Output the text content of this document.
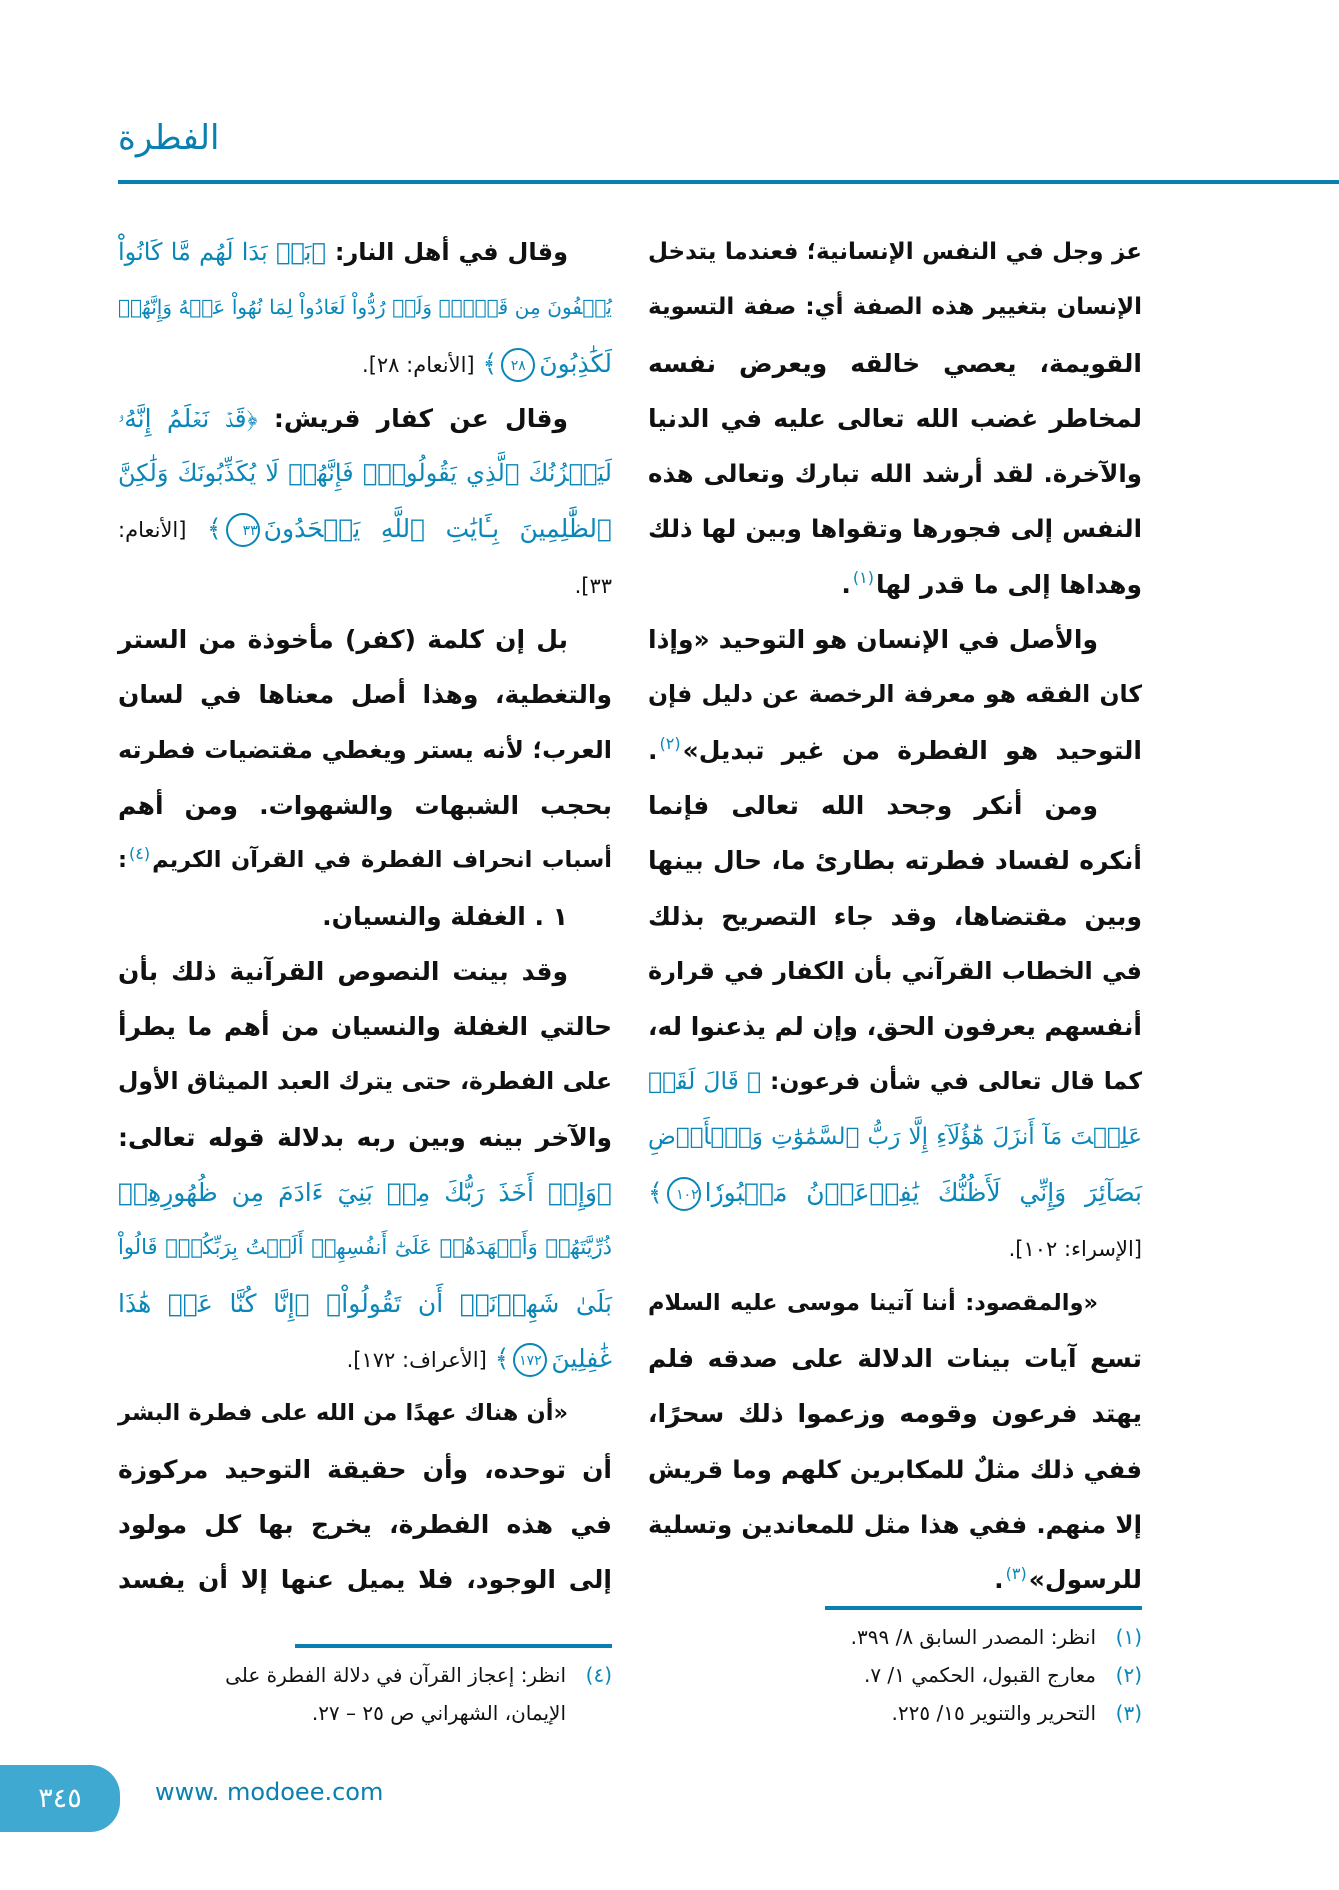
الفطرة
عز وجل في النفس الإنسانية؛ فعندما يتدخل
الإنسان بتغيير هذه الصفة أي: صفة التسوية
القويمة، يعصي خالقه ويعرض نفسه
لمخاطر غضب الله تعالى عليه في الدنيا
والآخرة. لقد أرشد الله تبارك وتعالى هذه
النفس إلى فجورها وتقواها وبين لها ذلك
وهداها إلى ما قدر لها$^{(١)}$.
والأصل في الإنسان هو التوحيد «وإذا
كان الفقه هو معرفة الرخصة عن دليل فإن
التوحيد هو الفطرة من غير تبديل»$^{(٢)}$.
ومن أنكر وجحد الله تعالى فإنما
أنكره لفساد فطرته بطارئ ما، حال بينها
وبين مقتضاها، وقد جاء التصريح بذلك
في الخطاب القرآني بأن الكفار في قرارة
أنفسهم يعرفون الحق، وإن لم يذعنوا له،
كما قال تعالى في شأن فرعون: ﴿ قَالَ لَقَدۡ
عَلِمۡتَ مَآ أَنزَلَ هَٰٓؤُلَآءِ إِلَّا رَبُّ ٱلسَّمَٰوَٰتِ وَٱلۡأَرۡضِ
بَصَآئِرَ وَإِنِّي لَأَظُنُّكَ يَٰفِرۡعَوۡنُ مَثۡبُورٗا١٠٢﴾
[الإسراء: ١٠٢].
«والمقصود: أننا آتينا موسى عليه السلام
تسع آيات بينات الدلالة على صدقه فلم
يهتد فرعون وقومه وزعموا ذلك سحرًا،
ففي ذلك مثلٌ للمكابرين كلهم وما قريش
إلا منهم. ففي هذا مثل للمعاندين وتسلية
للرسول»$^{(٣)}$.
وقال في أهل النار: ﴿بَلۡ بَدَا لَهُم مَّا كَانُواْ
يُخۡفُونَ مِن قَبۡلُۖ وَلَوۡ رُدُّواْ لَعَادُواْ لِمَا نُهُواْ عَنۡهُ وَإِنَّهُمۡ
لَكَٰذِبُونَ٢٨﴾ [الأنعام: ٢٨].
وقال عن كفار قريش: ﴿قَدۡ نَعۡلَمُ إِنَّهُۥ
لَيَحۡزُنُكَ ٱلَّذِي يَقُولُونَۖ فَإِنَّهُمۡ لَا يُكَذِّبُونَكَ وَلَٰكِنَّ
ٱلظَّٰلِمِينَ بِـَٔايَٰتِ ٱللَّهِ يَجۡحَدُونَ٣٣﴾ [الأنعام:
٣٣].
بل إن كلمة (كفر) مأخوذة من الستر
والتغطية، وهذا أصل معناها في لسان
العرب؛ لأنه يستر ويغطي مقتضيات فطرته
بحجب الشبهات والشهوات. ومن أهم
أسباب انحراف الفطرة في القرآن الكريم$^{(٤)}$:
١ . الغفلة والنسيان.
وقد بينت النصوص القرآنية ذلك بأن
حالتي الغفلة والنسيان من أهم ما يطرأ
على الفطرة، حتى يترك العبد الميثاق الأول
والآخر بينه وبين ربه بدلالة قوله تعالى:
﴿وَإِذۡ أَخَذَ رَبُّكَ مِنۢ بَنِيٓ ءَادَمَ مِن ظُهُورِهِمۡ
ذُرِّيَّتَهُمۡ وَأَشۡهَدَهُمۡ عَلَىٰٓ أَنفُسِهِمۡ أَلَسۡتُ بِرَبِّكُمۡۖ قَالُواْ
بَلَىٰ شَهِدۡنَآۚ أَن تَقُولُواْ﴾ ﴿إِنَّا كُنَّا عَنۡ هَٰذَا
غَٰفِلِينَ١٧٢﴾ [الأعراف: ١٧٢].
«أن هناك عهدًا من الله على فطرة البشر
أن توحده، وأن حقيقة التوحيد مركوزة
في هذه الفطرة، يخرج بها كل مولود
إلى الوجود، فلا يميل عنها إلا أن يفسد
(١)انظر: المصدر السابق ٨/ ٣٩٩.
(٢)معارج القبول، الحكمي ١/ ٧.
(٣)التحرير والتنوير ١٥/ ٢٢٥.
(٤)انظر: إعجاز القرآن في دلالة الفطرة على
الإيمان، الشهراني ص ٢٥ – ٢٧.
٣٤٥	www. modoee.com
